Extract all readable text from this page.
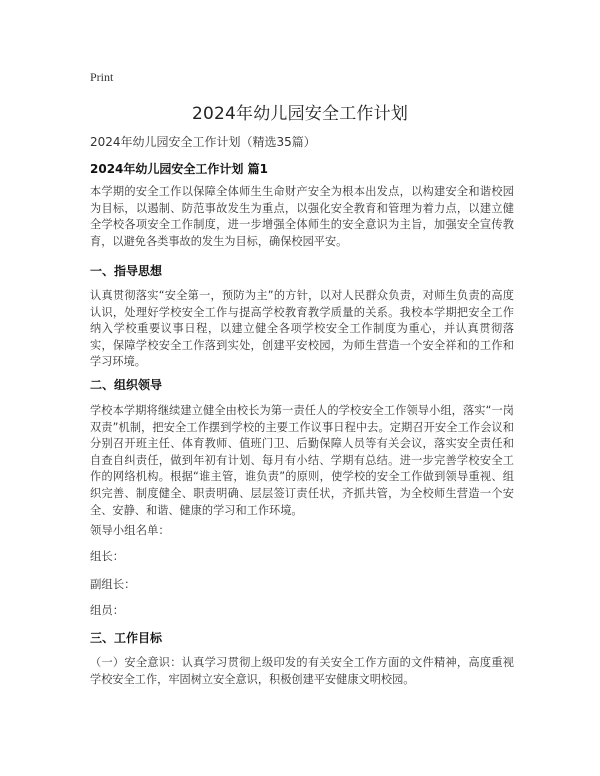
Print
2024年幼儿园安全工作计划
2024年幼儿园安全工作计划（精选35篇）
2024年幼儿园安全工作计划 篇1

本学期的安全工作以保障全体师生生命财产安全为根本出发点，以构建安全和谐校园为目标，以遏制、防范事故发生为重点，以强化安全教育和管理为着力点，以建立健全学校各项安全工作制度，进一步增强全体师生的安全意识为主旨，加强安全宣传教育，以避免各类事故的发生为目标，确保校园平安。

一、指导思想

认真贯彻落实“安全第一，预防为主”的方针，以对人民群众负责，对师生负责的高度认识，处理好学校安全工作与提高学校教育教学质量的关系。我校本学期把安全工作纳入学校重要议事日程，以建立健全各项学校安全工作制度为重心，并认真贯彻落实，保障学校安全工作落到实处，创建平安校园，为师生营造一个安全祥和的工作和学习环境。

二、组织领导

学校本学期将继续建立健全由校长为第一责任人的学校安全工作领导小组，落实“一岗双责”机制，把安全工作摆到学校的主要工作议事日程中去。定期召开安全工作会议和分别召开班主任、体育教师、值班门卫、后勤保障人员等有关会议，落实安全责任和自查自纠责任，做到年初有计划、每月有小结、学期有总结。进一步完善学校安全工作的网络机构。根据“谁主管，谁负责”的原则，使学校的安全工作做到领导重视、组织完善、制度健全、职责明确、层层签订责任状，齐抓共管，为全校师生营造一个安全、安静、和谐、健康的学习和工作环境。

领导小组名单：
组长：
副组长：
组员：
三、工作目标

（一）安全意识：认真学习贯彻上级印发的有关安全工作方面的文件精神，高度重视学校安全工作，牢固树立安全意识，积极创建平安健康文明校园。
